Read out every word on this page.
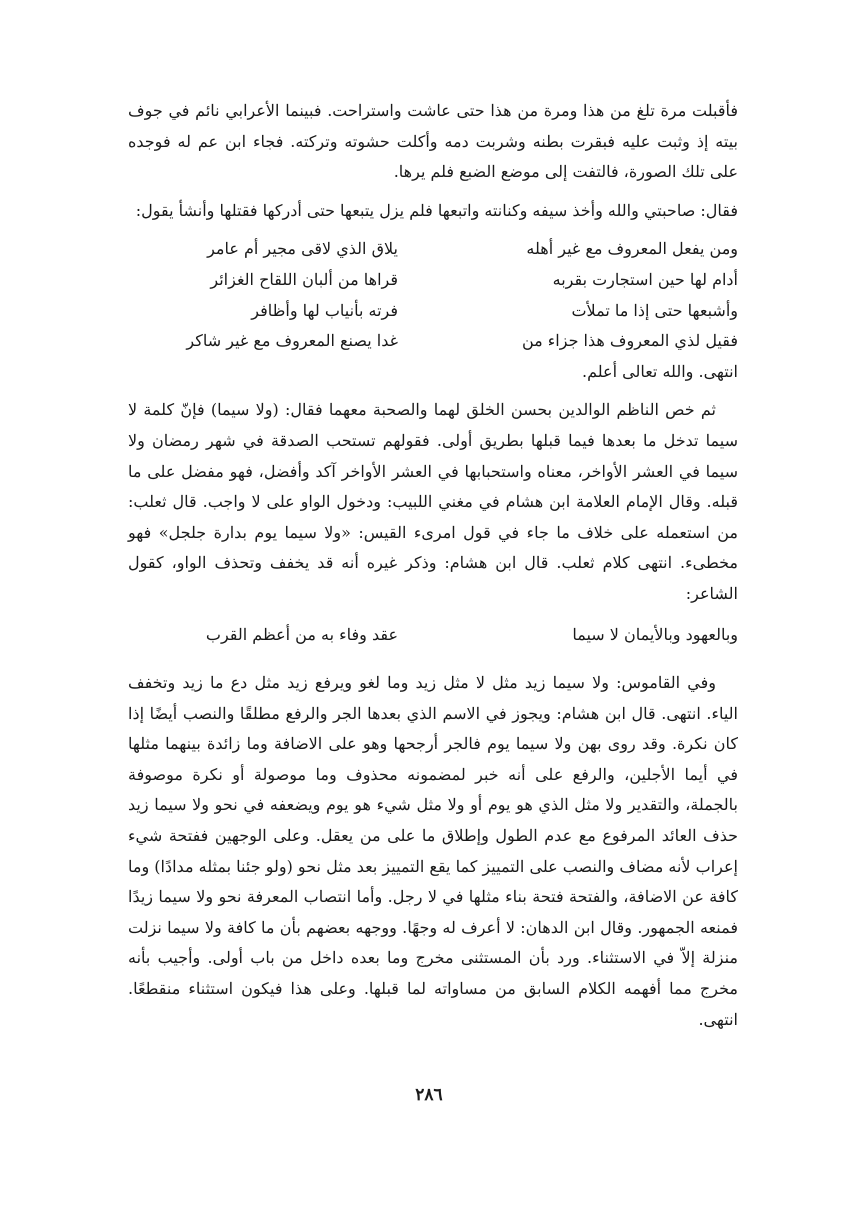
فأقبلت مرة تلغ من هذا ومرة من هذا حتى عاشت واستراحت. فبينما الأعرابي نائم في جوف بيته إذ وثبت عليه فبقرت بطنه وشربت دمه وأكلت حشوته وتركته. فجاء ابن عم له فوجده على تلك الصورة، فالتفت إلى موضع الضبع فلم يرها.

فقال: صاحبتي والله وأخذ سيفه وكنانته واتبعها فلم يزل يتبعها حتى أدركها فقتلها وأنشأ يقول:

ومن يفعل المعروف مع غير أهله
يلاق الذي لاقى مجير أم عامر
أدام لها حين استجارت بقربه
قراها من ألبان اللقاح الغزائر
وأشبعها حتى إذا ما تملأت
فرته بأنياب لها وأظافر
فقيل لذي المعروف هذا جزاء من
غدا يصنع المعروف مع غير شاكر

انتهى. والله تعالى أعلم.

ثم خص الناظم الوالدين بحسن الخلق لهما والصحبة معهما فقال: (ولا سيما) فإنّ كلمة لا سيما تدخل ما بعدها فيما قبلها بطريق أولى. فقولهم تستحب الصدقة في شهر رمضان ولا سيما في العشر الأواخر، معناه واستحبابها في العشر الأواخر آكد وأفضل، فهو مفضل على ما قبله. وقال الإمام العلامة ابن هشام في مغني اللبيب: ودخول الواو على لا واجب. قال ثعلب: من استعمله على خلاف ما جاء في قول امرىء القيس: «ولا سيما يوم بدارة جلجل» فهو مخطىء. انتهى كلام ثعلب. قال ابن هشام: وذكر غيره أنه قد يخفف وتحذف الواو، كقول الشاعر:

وبالعهود وبالأيمان لا سيما
عقد وفاء به من أعظم القرب

وفي القاموس: ولا سيما زيد مثل لا مثل زيد وما لغو ويرفع زيد مثل دع ما زيد وتخفف الياء. انتهى. قال ابن هشام: ويجوز في الاسم الذي بعدها الجر والرفع مطلقًا والنصب أيضًا إذا كان نكرة. وقد روى بهن ولا سيما يوم فالجر أرجحها وهو على الاضافة وما زائدة بينهما مثلها في أيما الأجلين، والرفع على أنه خبر لمضمونه محذوف وما موصولة أو نكرة موصوفة بالجملة، والتقدير ولا مثل الذي هو يوم أو ولا مثل شيء هو يوم ويضعفه في نحو ولا سيما زيد حذف العائد المرفوع مع عدم الطول وإطلاق ما على من يعقل. وعلى الوجهين ففتحة شيء إعراب لأنه مضاف والنصب على التمييز كما يقع التمييز بعد مثل نحو (ولو جئنا بمثله مدادًا) وما كافة عن الاضافة، والفتحة فتحة بناء مثلها في لا رجل. وأما انتصاب المعرفة نحو ولا سيما زيدًا فمنعه الجمهور. وقال ابن الدهان: لا أعرف له وجهًا. ووجهه بعضهم بأن ما كافة ولا سيما نزلت منزلة إلاّ في الاستثناء. ورد بأن المستثنى مخرج وما بعده داخل من باب أولى. وأجيب بأنه مخرج مما أفهمه الكلام السابق من مساواته لما قبلها. وعلى هذا فيكون استثناء منقطعًا. انتهى.

٢٨٦
